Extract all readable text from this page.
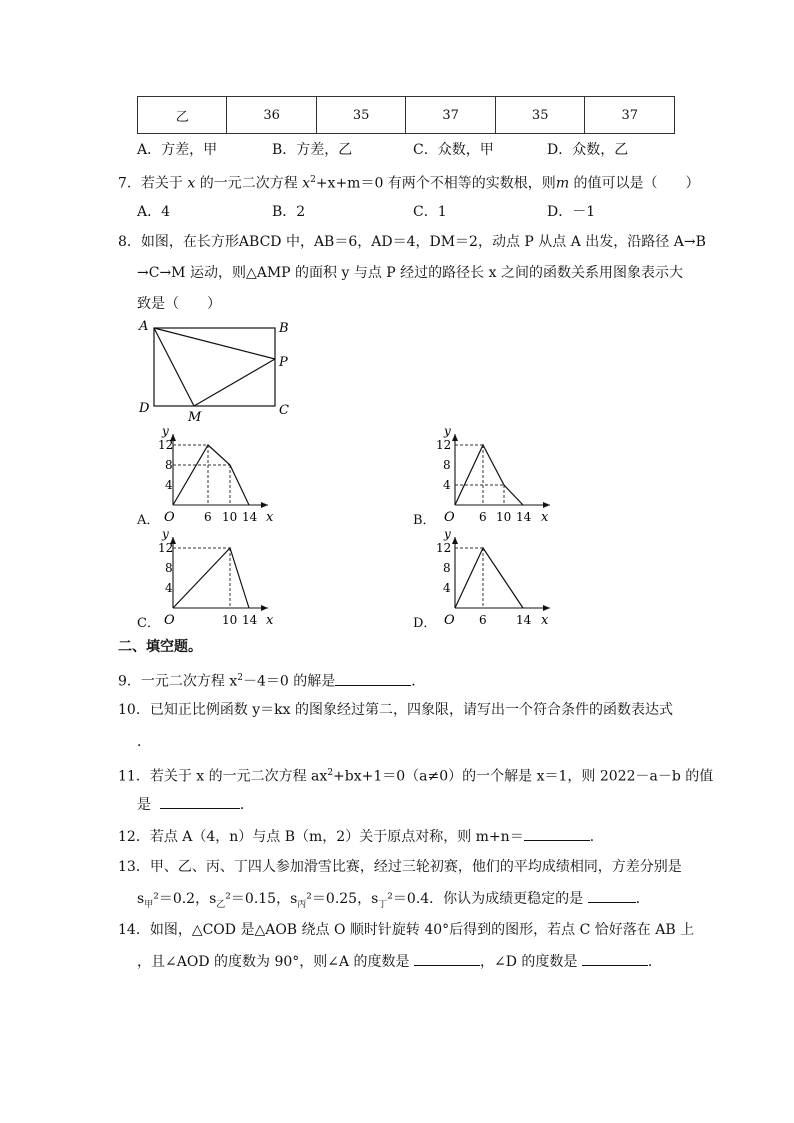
乙	36	35	37	35	37
A．方差，甲	B．方差，乙	C．众数，甲	D．众数，乙
7．若关于 x 的一元二次方程 $x^2+x+m=0$ 有两个不相等的实数根，则m 的值可以是（　　）
A．4	B．2	C．1	D．－1
8．如图，在长方形ABCD 中，AB＝6，AD＝4，DM＝2，动点 P 从点 A 出发，沿路径 A→B
→C→M 运动，则△AMP 的面积 y 与点 P 经过的路径长 x 之间的函数关系用图象表示大
致是（　　）
A	B
C
D
M
P
A．	B．
C．	D．
y
x
O
12
8
4
6 10 14
y
x
O
12
8
4
6 10 14
y
x
O
12
8
4
10 14
y
x
O
12
8
4
6 14
二、填空题。
9．一元二次方程 $x^2-4=0$ 的解是	．
10．已知正比例函数 y＝kx 的图象经过第二，四象限，请写出一个符合条件的函数表达式
．
11．若关于 x 的一元二次方程 $ax^2+bx+1=0(a\ne 0)$的一个解是 x＝1，则 2022－a－b 的值
是	．
12．若点 A（4，n）与点 B（m，2）关于原点对称，则 m+n＝	．
13．甲、乙、丙、丁四人参加滑雪比赛，经过三轮初赛，他们的平均成绩相同，方差分别是
$s_甲^2=0.2$，$s_乙^2=0.15$，$s_丙^2=0.25$，$s_丁^2=0.4$．你认为成绩更稳定的是	．
14．如图，△COD 是△AOB 绕点 O 顺时针旋转 40°后得到的图形，若点 C 恰好落在 AB 上
，且∠AOD 的度数为 90°，则∠A 的度数是	，∠D 的度数是	．
